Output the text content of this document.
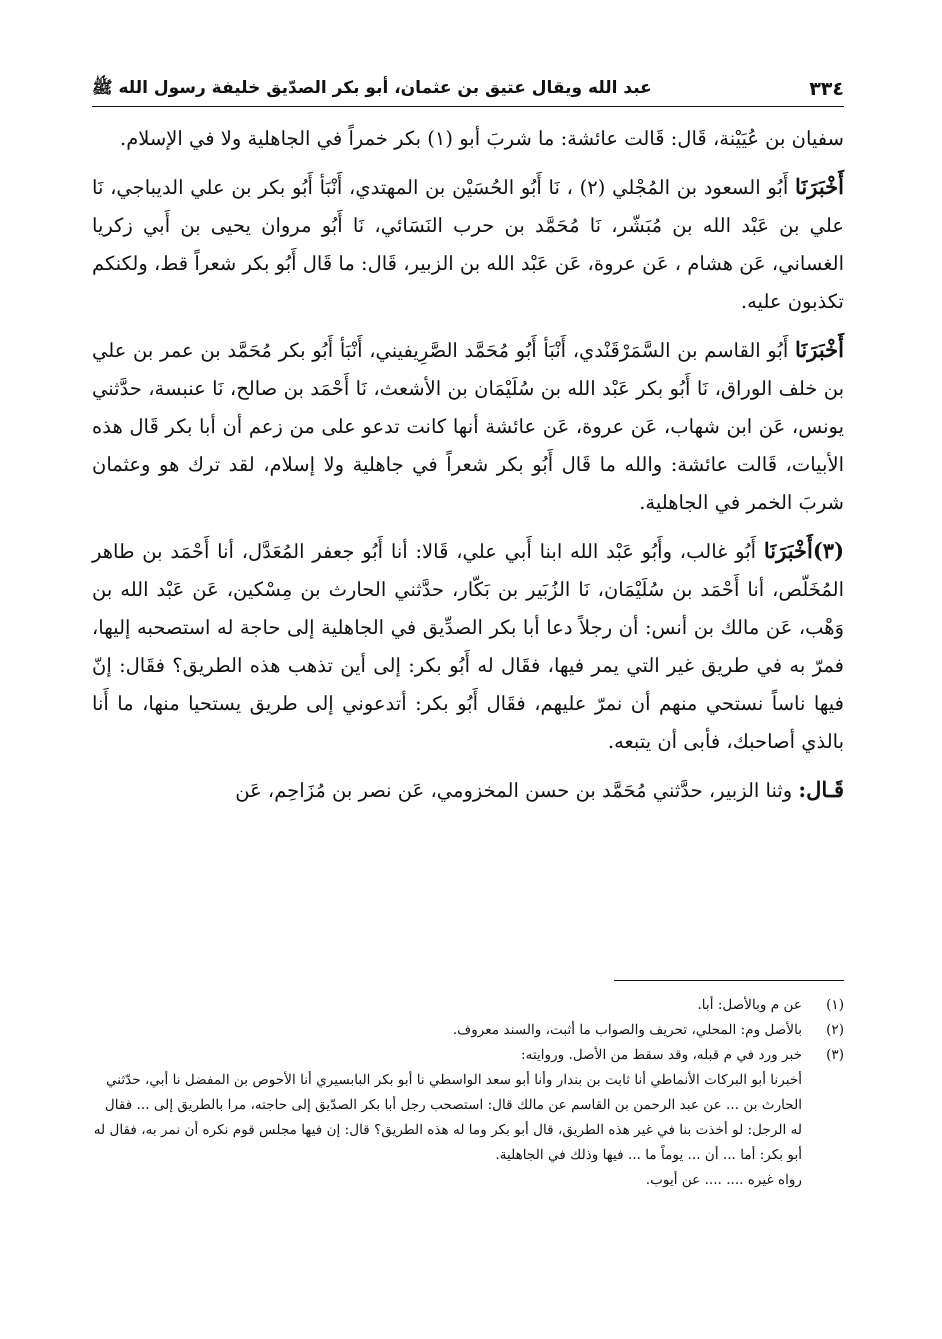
٣٣٤
عبد الله ويقال عتيق بن عثمان، أبو بكر الصدّيق خليفة رسول الله ﷺ

سفيان بن عُيَيْنة، قَال: قَالت عائشة: ما شربَ أبو (١) بكر خمراً في الجاهلية ولا في الإسلام.

أَخْبَرَنَا أَبُو السعود بن المُجْلي (٢) ، نَا أَبُو الحُسَيْن بن المهتدي، أَنْبَأ أَبُو بكر بن علي الديباجي، نَا علي بن عَبْد الله بن مُبَشّر، نَا مُحَمَّد بن حرب النَسَائي، نَا أَبُو مروان يحيى بن أَبي زكريا الغساني، عَن هشام ، عَن عروة، عَن عَبْد الله بن الزبير، قَال: ما قَال أَبُو بكر شعراً قط، ولكنكم تكذبون عليه.

أَخْبَرَنَا أَبُو القاسم بن السَّمَرْقَنْدي، أَنْبَأ أَبُو مُحَمَّد الصَّرِيفيني، أَنْبَأ أَبُو بكر مُحَمَّد بن عمر بن علي بن خلف الوراق، نَا أَبُو بكر عَبْد الله بن سُلَيْمَان بن الأشعث، نَا أَحْمَد بن صالح، نَا عنبسة، حدَّثني يونس، عَن ابن شهاب، عَن عروة، عَن عائشة أنها كانت تدعو على من زعم أن أبا بكر قَال هذه الأبيات، قَالت عائشة: والله ما قَال أَبُو بكر شعراً في جاهلية ولا إسلام، لقد ترك هو وعثمان شربَ الخمر في الجاهلية.

(٣)أَخْبَرَنَا أَبُو غالب، وأَبُو عَبْد الله ابنا أَبي علي، قَالا: أنا أَبُو جعفر المُعَدَّل، أنا أَحْمَد بن طاهر المُخَلّص، أنا أَحْمَد بن سُلَيْمَان، نَا الزُبَير بن بَكّار، حدَّثني الحارث بن مِسْكين، عَن عَبْد الله بن وَهْب، عَن مالك بن أنس: أن رجلاً دعا أبا بكر الصدِّيق في الجاهلية إلى حاجة له استصحبه إليها، فمرّ به في طريق غير التي يمر فيها، فقَال له أَبُو بكر: إلى أين تذهب هذه الطريق؟ فقَال: إنّ فيها ناساً نستحي منهم أن نمرّ عليهم، فقَال أَبُو بكر: أتدعوني إلى طريق يستحيا منها، ما أَنا بالذي أصاحبك، فأبى أن يتبعه.

قَـال: وثنا الزبير، حدَّثني مُحَمَّد بن حسن المخزومي، عَن نصر بن مُزَاحِم، عَن

(١)
عن م وبالأصل: أبا.
(٢)
بالأصل وم: المحلي، تحريف والصواب ما أثبت، والسند معروف.
(٣)
خبر ورد في م قبله، وقد سقط من الأصل. وروايته:
أخبرنا أبو البركات الأنماطي أنا ثابت بن بندار وأنا أبو سعد الواسطي نا أبو بكر البابسيري أنا الأحوص بن المفضل نا أبي، حدّثني الحارث بن ... عن عبد الرحمن بن القاسم عن مالك قال: استصحب رجل أبا بكر الصدّيق إلى حاجته، مرا بالطريق إلى ... فقال له الرجل: لو أخذت بنا في غير هذه الطريق، قال أبو بكر وما له هذه الطريق؟ قال: إن فيها مجلس قوم نكره أن نمر به، فقال له أبو بكر: أما ... أن ... يوماً ما ... فيها وذلك في الجاهلية.
رواه غيره .... .... عن أيوب.
